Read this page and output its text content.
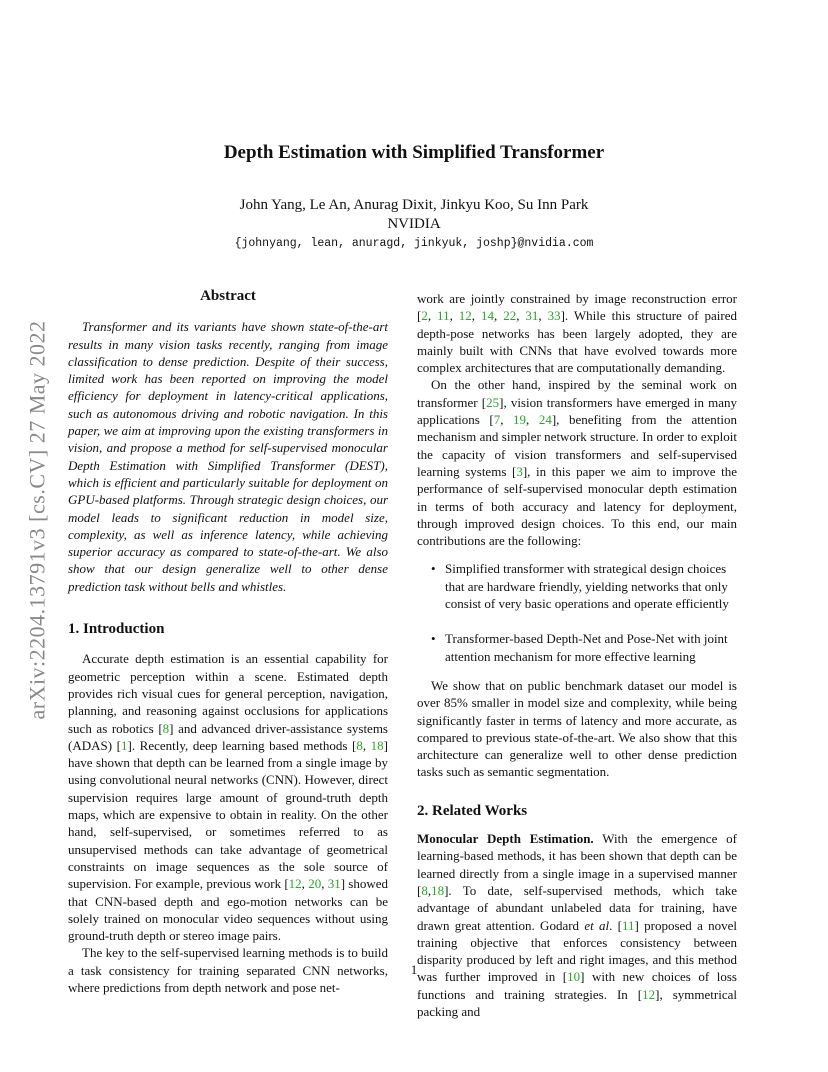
arXiv:2204.13791v3 [cs.CV] 27 May 2022
Depth Estimation with Simplified Transformer
John Yang, Le An, Anurag Dixit, Jinkyu Koo, Su Inn Park
NVIDIA
{johnyang, lean, anuragd, jinkyuk, joshp}@nvidia.com
Abstract

Transformer and its variants have shown state-of-the-art results in many vision tasks recently, ranging from image classification to dense prediction. Despite of their success, limited work has been reported on improving the model efficiency for deployment in latency-critical applications, such as autonomous driving and robotic navigation. In this paper, we aim at improving upon the existing transformers in vision, and propose a method for self-supervised monocular Depth Estimation with Simplified Transformer (DEST), which is efficient and particularly suitable for deployment on GPU-based platforms. Through strategic design choices, our model leads to significant reduction in model size, complexity, as well as inference latency, while achieving superior accuracy as compared to state-of-the-art. We also show that our design generalize well to other dense prediction task without bells and whistles.

1. Introduction

Accurate depth estimation is an essential capability for geometric perception within a scene. Estimated depth provides rich visual cues for general perception, navigation, planning, and reasoning against occlusions for applications such as robotics [8] and advanced driver-assistance systems (ADAS) [1]. Recently, deep learning based methods [8, 18] have shown that depth can be learned from a single image by using convolutional neural networks (CNN). However, direct supervision requires large amount of ground-truth depth maps, which are expensive to obtain in reality. On the other hand, self-supervised, or sometimes referred to as unsupervised methods can take advantage of geometrical constraints on image sequences as the sole source of supervision. For example, previous work [12, 20, 31] showed that CNN-based depth and ego-motion networks can be solely trained on monocular video sequences without using ground-truth depth or stereo image pairs.

The key to the self-supervised learning methods is to build a task consistency for training separated CNN networks, where predictions from depth network and pose net-

work are jointly constrained by image reconstruction error [2, 11, 12, 14, 22, 31, 33]. While this structure of paired depth-pose networks has been largely adopted, they are mainly built with CNNs that have evolved towards more complex architectures that are computationally demanding.

On the other hand, inspired by the seminal work on transformer [25], vision transformers have emerged in many applications [7, 19, 24], benefiting from the attention mechanism and simpler network structure. In order to exploit the capacity of vision transformers and self-supervised learning systems [3], in this paper we aim to improve the performance of self-supervised monocular depth estimation in terms of both accuracy and latency for deployment, through improved design choices. To this end, our main contributions are the following:

• Simplified transformer with strategical design choices that are hardware friendly, yielding networks that only consist of very basic operations and operate efficiently
• Transformer-based Depth-Net and Pose-Net with joint attention mechanism for more effective learning

We show that on public benchmark dataset our model is over 85% smaller in model size and complexity, while being significantly faster in terms of latency and more accurate, as compared to previous state-of-the-art. We also show that this architecture can generalize well to other dense prediction tasks such as semantic segmentation.

2. Related Works

Monocular Depth Estimation. With the emergence of learning-based methods, it has been shown that depth can be learned directly from a single image in a supervised manner [8,18]. To date, self-supervised methods, which take advantage of abundant unlabeled data for training, have drawn great attention. Godard et al. [11] proposed a novel training objective that enforces consistency between disparity produced by left and right images, and this method was further improved in [10] with new choices of loss functions and training strategies. In [12], symmetrical packing and

1
